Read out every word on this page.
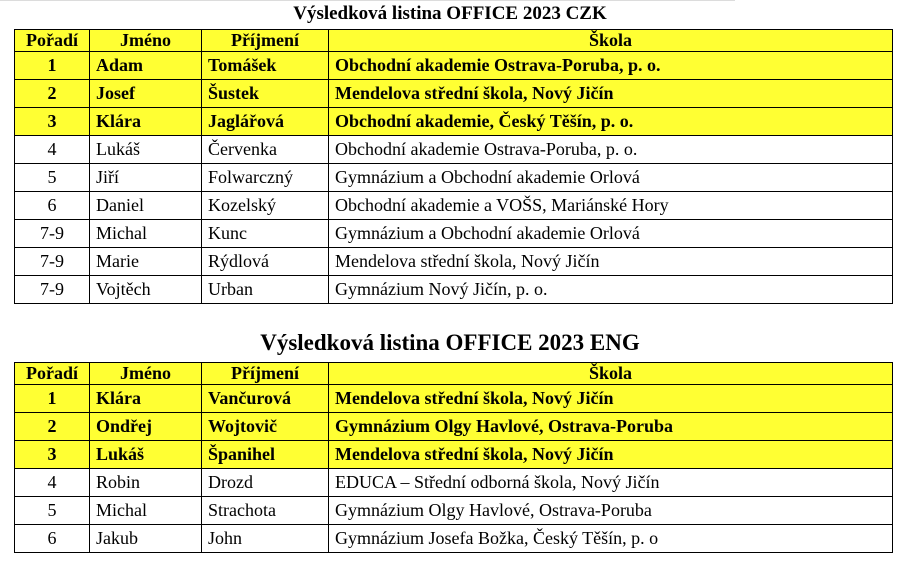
Výsledková listina OFFICE 2023 CZK
Pořadí	Jméno	Příjmení	Škola
1	Adam	Tomášek	Obchodní akademie Ostrava-Poruba, p. o.
2	Josef	Šustek	Mendelova střední škola, Nový Jičín
3	Klára	Jaglářová	Obchodní akademie, Český Těšín, p. o.
4	Lukáš	Červenka	Obchodní akademie Ostrava-Poruba, p. o.
5	Jiří	Folwarczný	Gymnázium a Obchodní akademie Orlová
6	Daniel	Kozelský	Obchodní akademie a VOŠS, Mariánské Hory
7-9	Michal	Kunc	Gymnázium a Obchodní akademie Orlová
7-9	Marie	Rýdlová	Mendelova střední škola, Nový Jičín
7-9	Vojtěch	Urban	Gymnázium Nový Jičín, p. o.
Výsledková listina OFFICE 2023 ENG
Pořadí	Jméno	Příjmení	Škola
1	Klára	Vančurová	Mendelova střední škola, Nový Jičín
2	Ondřej	Wojtovič	Gymnázium Olgy Havlové, Ostrava-Poruba
3	Lukáš	Španihel	Mendelova střední škola, Nový Jičín
4	Robin	Drozd	EDUCA – Střední odborná škola, Nový Jičín
5	Michal	Strachota	Gymnázium Olgy Havlové, Ostrava-Poruba
6	Jakub	John	Gymnázium Josefa Božka, Český Těšín, p. o
